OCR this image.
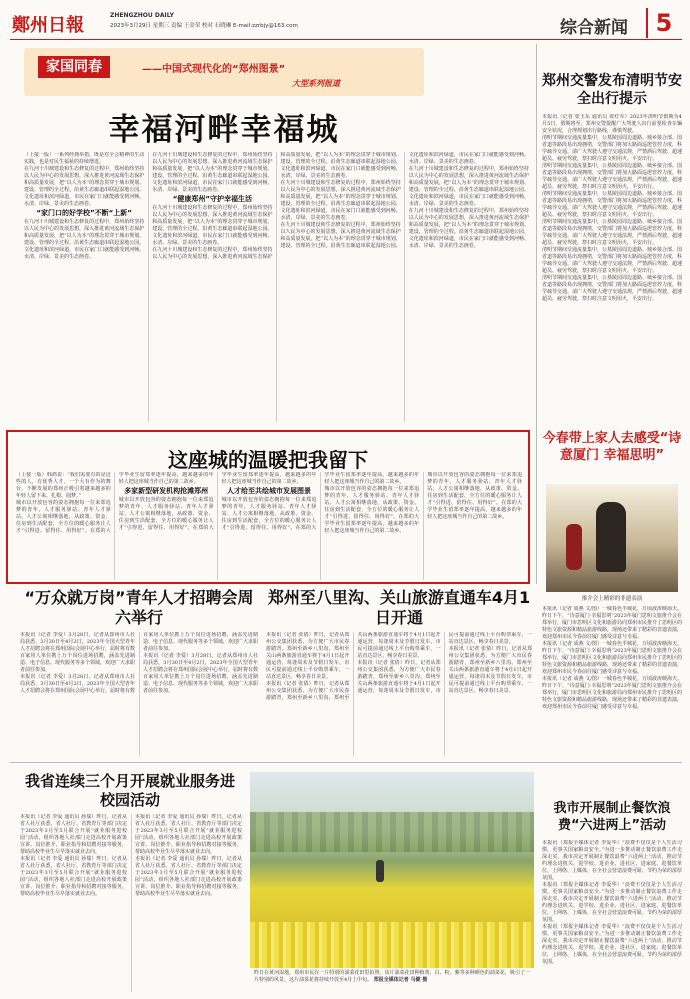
鄭州日報	ZHENGZHOU DAILY
2023年3月29日 星期三 责编 王金荣 校对 石晓琳 E-mail:zzrbjy@163.com	综合新闻	5
家国同春	——中国式现代化的“郑州图景”
大型系列报道
幸福河畔幸福城

（上接一版）一系列经典举措，既是对全会精神的生动实践，也是对民生福祉的持续增进。

在九河十川城建设和生态修复的过程中，郑州始终坚持以人民为中心的发展思想，深入推进黄河流域生态保护和高质量发展，把“以人为本”的理念贯穿于城市规划、建设、管理的全过程。沿黄生态廊道串联起湿地公园、文化遗址和滨河绿道，市民在家门口就能感受到河畅、水清、岸绿、景美的生态画卷。

“家门口的好学校”不断“上新”

在九河十川城建设和生态修复的过程中，郑州始终坚持以人民为中心的发展思想，深入推进黄河流域生态保护和高质量发展，把“以人为本”的理念贯穿于城市规划、建设、管理的全过程。沿黄生态廊道串联起湿地公园、文化遗址和滨河绿道，市民在家门口就能感受到河畅、水清、岸绿、景美的生态画卷。

在九河十川城建设和生态修复的过程中，郑州始终坚持以人民为中心的发展思想，深入推进黄河流域生态保护和高质量发展，把“以人为本”的理念贯穿于城市规划、建设、管理的全过程。沿黄生态廊道串联起湿地公园、文化遗址和滨河绿道，市民在家门口就能感受到河畅、水清、岸绿、景美的生态画卷。

“健康郑州”守护幸福生活

在九河十川城建设和生态修复的过程中，郑州始终坚持以人民为中心的发展思想，深入推进黄河流域生态保护和高质量发展，把“以人为本”的理念贯穿于城市规划、建设、管理的全过程。沿黄生态廊道串联起湿地公园、文化遗址和滨河绿道，市民在家门口就能感受到河畅、水清、岸绿、景美的生态画卷。

在九河十川城建设和生态修复的过程中，郑州始终坚持以人民为中心的发展思想，深入推进黄河流域生态保护和高质量发展，把“以人为本”的理念贯穿于城市规划、建设、管理的全过程。沿黄生态廊道串联起湿地公园、文化遗址和滨河绿道，市民在家门口就能感受到河畅、水清、岸绿、景美的生态画卷。

在九河十川城建设和生态修复的过程中，郑州始终坚持以人民为中心的发展思想，深入推进黄河流域生态保护和高质量发展，把“以人为本”的理念贯穿于城市规划、建设、管理的全过程。沿黄生态廊道串联起湿地公园、文化遗址和滨河绿道，市民在家门口就能感受到河畅、水清、岸绿、景美的生态画卷。

在九河十川城建设和生态修复的过程中，郑州始终坚持以人民为中心的发展思想，深入推进黄河流域生态保护和高质量发展，把“以人为本”的理念贯穿于城市规划、建设、管理的全过程。沿黄生态廊道串联起湿地公园、文化遗址和滨河绿道，市民在家门口就能感受到河畅、水清、岸绿、景美的生态画卷。

在九河十川城建设和生态修复的过程中，郑州始终坚持以人民为中心的发展思想，深入推进黄河流域生态保护和高质量发展，把“以人为本”的理念贯穿于城市规划、建设、管理的全过程。沿黄生态廊道串联起湿地公园、文化遗址和滨河绿道，市民在家门口就能感受到河畅、水清、岸绿、景美的生态画卷。

在九河十川城建设和生态修复的过程中，郑州始终坚持以人民为中心的发展思想，深入推进黄河流域生态保护和高质量发展，把“以人为本”的理念贯穿于城市规划、建设、管理的全过程。沿黄生态廊道串联起湿地公园、文化遗址和滨河绿道，市民在家门口就能感受到河畅、水清、岸绿、景美的生态画卷。

郑州交警发布清明节安全出行提示

本报讯（记者 张玉东 通讯员 贾红军）2023年清明节假期为4月5日，假期将至，郑州交警提醒广大驾驶人出行前要检查车辆安全状况，合理规划出行路线，谨慎驾驶。

清明节期间交通流量集中，公墓陵园周边道路、城乡接合部、国省道等路段易出现拥堵，交警部门将加大路面巡逻管控力度，科学疏导交通。请广大驾驶人遵守交通法规，严禁酒后驾驶、超速超员、疲劳驾驶，祭扫时注意文明用火，平安出行。

清明节期间交通流量集中，公墓陵园周边道路、城乡接合部、国省道等路段易出现拥堵，交警部门将加大路面巡逻管控力度，科学疏导交通。请广大驾驶人遵守交通法规，严禁酒后驾驶、超速超员、疲劳驾驶，祭扫时注意文明用火，平安出行。

清明节期间交通流量集中，公墓陵园周边道路、城乡接合部、国省道等路段易出现拥堵，交警部门将加大路面巡逻管控力度，科学疏导交通。请广大驾驶人遵守交通法规，严禁酒后驾驶、超速超员、疲劳驾驶，祭扫时注意文明用火，平安出行。

清明节期间交通流量集中，公墓陵园周边道路、城乡接合部、国省道等路段易出现拥堵，交警部门将加大路面巡逻管控力度，科学疏导交通。请广大驾驶人遵守交通法规，严禁酒后驾驶、超速超员、疲劳驾驶，祭扫时注意文明用火，平安出行。

清明节期间交通流量集中，公墓陵园周边道路、城乡接合部、国省道等路段易出现拥堵，交警部门将加大路面巡逻管控力度，科学疏导交通。请广大驾驶人遵守交通法规，严禁酒后驾驶、超速超员、疲劳驾驶，祭扫时注意文明用火，平安出行。

清明节期间交通流量集中，公墓陵园周边道路、城乡接合部、国省道等路段易出现拥堵，交警部门将加大路面巡逻管控力度，科学疏导交通。请广大驾驶人遵守交通法规，严禁酒后驾驶、超速超员、疲劳驾驶，祭扫时注意文明用火，平安出行。

这座城的温暖把我留下

（上接一版）韩鸿说：“我们需要有的是这些的人，有优秀人才，一个大有作为的舞台，不断发展的郑州正吸引着越来越多的年轻人留下来、扎根、圆梦。”

城市以开放包容的姿态拥抱每一位来郑追梦的青年，人才服务驿站、青年人才驿站、人才公寓相继落地，从政策、资金、住房到生活配套，全方位的暖心服务让人才“引得进、留得住、用得好”。在郑的大学毕业生留郑率逐年提高，越来越多的年轻人把这座城当作自己的第二故乡。

多家新型研发机构抢滩郑州

城市以开放包容的姿态拥抱每一位来郑追梦的青年，人才服务驿站、青年人才驿站、人才公寓相继落地，从政策、资金、住房到生活配套，全方位的暖心服务让人才“引得进、留得住、用得好”。在郑的大学毕业生留郑率逐年提高，越来越多的年轻人把这座城当作自己的第二故乡。

人才给至共绘城市发展图景

城市以开放包容的姿态拥抱每一位来郑追梦的青年，人才服务驿站、青年人才驿站、人才公寓相继落地，从政策、资金、住房到生活配套，全方位的暖心服务让人才“引得进、留得住、用得好”。在郑的大学毕业生留郑率逐年提高，越来越多的年轻人把这座城当作自己的第二故乡。

城市以开放包容的姿态拥抱每一位来郑追梦的青年，人才服务驿站、青年人才驿站、人才公寓相继落地，从政策、资金、住房到生活配套，全方位的暖心服务让人才“引得进、留得住、用得好”。在郑的大学毕业生留郑率逐年提高，越来越多的年轻人把这座城当作自己的第二故乡。

城市以开放包容的姿态拥抱每一位来郑追梦的青年，人才服务驿站、青年人才驿站、人才公寓相继落地，从政策、资金、住房到生活配套，全方位的暖心服务让人才“引得进、留得住、用得好”。在郑的大学毕业生留郑率逐年提高，越来越多的年轻人把这座城当作自己的第二故乡。

今春带上家人去感受“诗意厦门 幸福思明”
推介会上精彩的非遗表演

本报讯（记者 成燕 文/图）一城春色半城花，万顷波涛映海天。昨日下午，“诗意厦门·幸福思明”2023年厦门思明文旅推介会在郑举行，厦门市思明区文化和旅游局向郑州市民推介了思明区的特色文旅资源和精品旅游线路，现场还带来了精彩的非遗表演，欢迎郑州市民今春前往厦门感受诗意与幸福。

本报讯（记者 成燕 文/图）一城春色半城花，万顷波涛映海天。昨日下午，“诗意厦门·幸福思明”2023年厦门思明文旅推介会在郑举行，厦门市思明区文化和旅游局向郑州市民推介了思明区的特色文旅资源和精品旅游线路，现场还带来了精彩的非遗表演，欢迎郑州市民今春前往厦门感受诗意与幸福。

本报讯（记者 成燕 文/图）一城春色半城花，万顷波涛映海天。昨日下午，“诗意厦门·幸福思明”2023年厦门思明文旅推介会在郑举行，厦门市思明区文化和旅游局向郑州市民推介了思明区的特色文旅资源和精品旅游线路，现场还带来了精彩的非遗表演，欢迎郑州市民今春前往厦门感受诗意与幸福。

“万众就万岗”青年人才招聘会周六举行

本报讯（记者 李爱）3月28日，记者从郑州市人社局获悉，3月30日至4月2日，2023年全国大型青年人才招聘会将在郑州国际会展中心举行，届时将有数百家用人单位携上万个岗位进场招聘，涵盖先进制造、电子信息、现代服务等多个领域，欢迎广大求职者前往参加。

本报讯（记者 李爱）3月28日，记者从郑州市人社局获悉，3月30日至4月2日，2023年全国大型青年人才招聘会将在郑州国际会展中心举行，届时将有数百家用人单位携上万个岗位进场招聘，涵盖先进制造、电子信息、现代服务等多个领域，欢迎广大求职者前往参加。

本报讯（记者 李爱）3月28日，记者从郑州市人社局获悉，3月30日至4月2日，2023年全国大型青年人才招聘会将在郑州国际会展中心举行，届时将有数百家用人单位携上万个岗位进场招聘，涵盖先进制造、电子信息、现代服务等多个领域，欢迎广大求职者前往参加。

郑州至八里沟、关山旅游直通车4月1日开通

本报讯（记者 张倩）昨日，记者从郑州公交集团获悉，为方便广大市民春游踏青，郑州至新乡八里沟、郑州至关山两条旅游直通车将于4月1日起开通运营，每逢周末及节假日发车，市民可提前通过线上平台购票乘车，一站直达景区，畅享春日美景。

本报讯（记者 张倩）昨日，记者从郑州公交集团获悉，为方便广大市民春游踏青，郑州至新乡八里沟、郑州至关山两条旅游直通车将于4月1日起开通运营，每逢周末及节假日发车，市民可提前通过线上平台购票乘车，一站直达景区，畅享春日美景。

本报讯（记者 张倩）昨日，记者从郑州公交集团获悉，为方便广大市民春游踏青，郑州至新乡八里沟、郑州至关山两条旅游直通车将于4月1日起开通运营，每逢周末及节假日发车，市民可提前通过线上平台购票乘车，一站直达景区，畅享春日美景。

本报讯（记者 张倩）昨日，记者从郑州公交集团获悉，为方便广大市民春游踏青，郑州至新乡八里沟、郑州至关山两条旅游直通车将于4月1日起开通运营，每逢周末及节假日发车，市民可提前通过线上平台购票乘车，一站直达景区，畅享春日美景。

我省连续三个月开展就业服务进校园活动

本报讯（记者 李爱 通讯员 孙瑞）昨日，记者从省人社厅获悉，省人社厅、省教育厅等部门决定于2023年3月至5月联合开展“就业服务进校园”活动，组织各地人社部门走进高校开展政策宣讲、岗位推介、职业指导和招聘对接等服务，帮助高校毕业生尽早落实就业去向。

本报讯（记者 李爱 通讯员 孙瑞）昨日，记者从省人社厅获悉，省人社厅、省教育厅等部门决定于2023年3月至5月联合开展“就业服务进校园”活动，组织各地人社部门走进高校开展政策宣讲、岗位推介、职业指导和招聘对接等服务，帮助高校毕业生尽早落实就业去向。

本报讯（记者 李爱 通讯员 孙瑞）昨日，记者从省人社厅获悉，省人社厅、省教育厅等部门决定于2023年3月至5月联合开展“就业服务进校园”活动，组织各地人社部门走进高校开展政策宣讲、岗位推介、职业指导和招聘对接等服务，帮助高校毕业生尽早落实就业去向。

本报讯（记者 李爱 通讯员 孙瑞）昨日，记者从省人社厅获悉，省人社厅、省教育厅等部门决定于2023年3月至5月联合开展“就业服务进校园”活动，组织各地人社部门走进高校开展政策宣讲、岗位推介、职业指导和招聘对接等服务，帮助高校毕业生尽早落实就业去向。

昨日在黄河湿地，郑州市民在一片特别的油菜花田里拍照。该片油菜花田种植黄、白、粉、紫等多种颜色的油菜花，吸引了一片特别的风景。这片油菜花将持续开放至4月上中旬。 郑报全媒体记者 马健 摄
我市开展制止餐饮浪费“六进两上”活动

本报讯（郑报全媒体记者 李爱华）“浪费不仅仅是个人生活习惯，更事关国家粮食安全。”为进一步推动制止餐饮浪费工作走深走实，我市决定开展制止餐饮浪费“六进两上”活动，推动节约理念进机关、进学校、进企业、进社区、进家庭、进餐饮单位，上网络、上媒体，在全社会营造浪费可耻、节约为荣的浓厚氛围。

本报讯（郑报全媒体记者 李爱华）“浪费不仅仅是个人生活习惯，更事关国家粮食安全。”为进一步推动制止餐饮浪费工作走深走实，我市决定开展制止餐饮浪费“六进两上”活动，推动节约理念进机关、进学校、进企业、进社区、进家庭、进餐饮单位，上网络、上媒体，在全社会营造浪费可耻、节约为荣的浓厚氛围。

本报讯（郑报全媒体记者 李爱华）“浪费不仅仅是个人生活习惯，更事关国家粮食安全。”为进一步推动制止餐饮浪费工作走深走实，我市决定开展制止餐饮浪费“六进两上”活动，推动节约理念进机关、进学校、进企业、进社区、进家庭、进餐饮单位，上网络、上媒体，在全社会营造浪费可耻、节约为荣的浓厚氛围。
